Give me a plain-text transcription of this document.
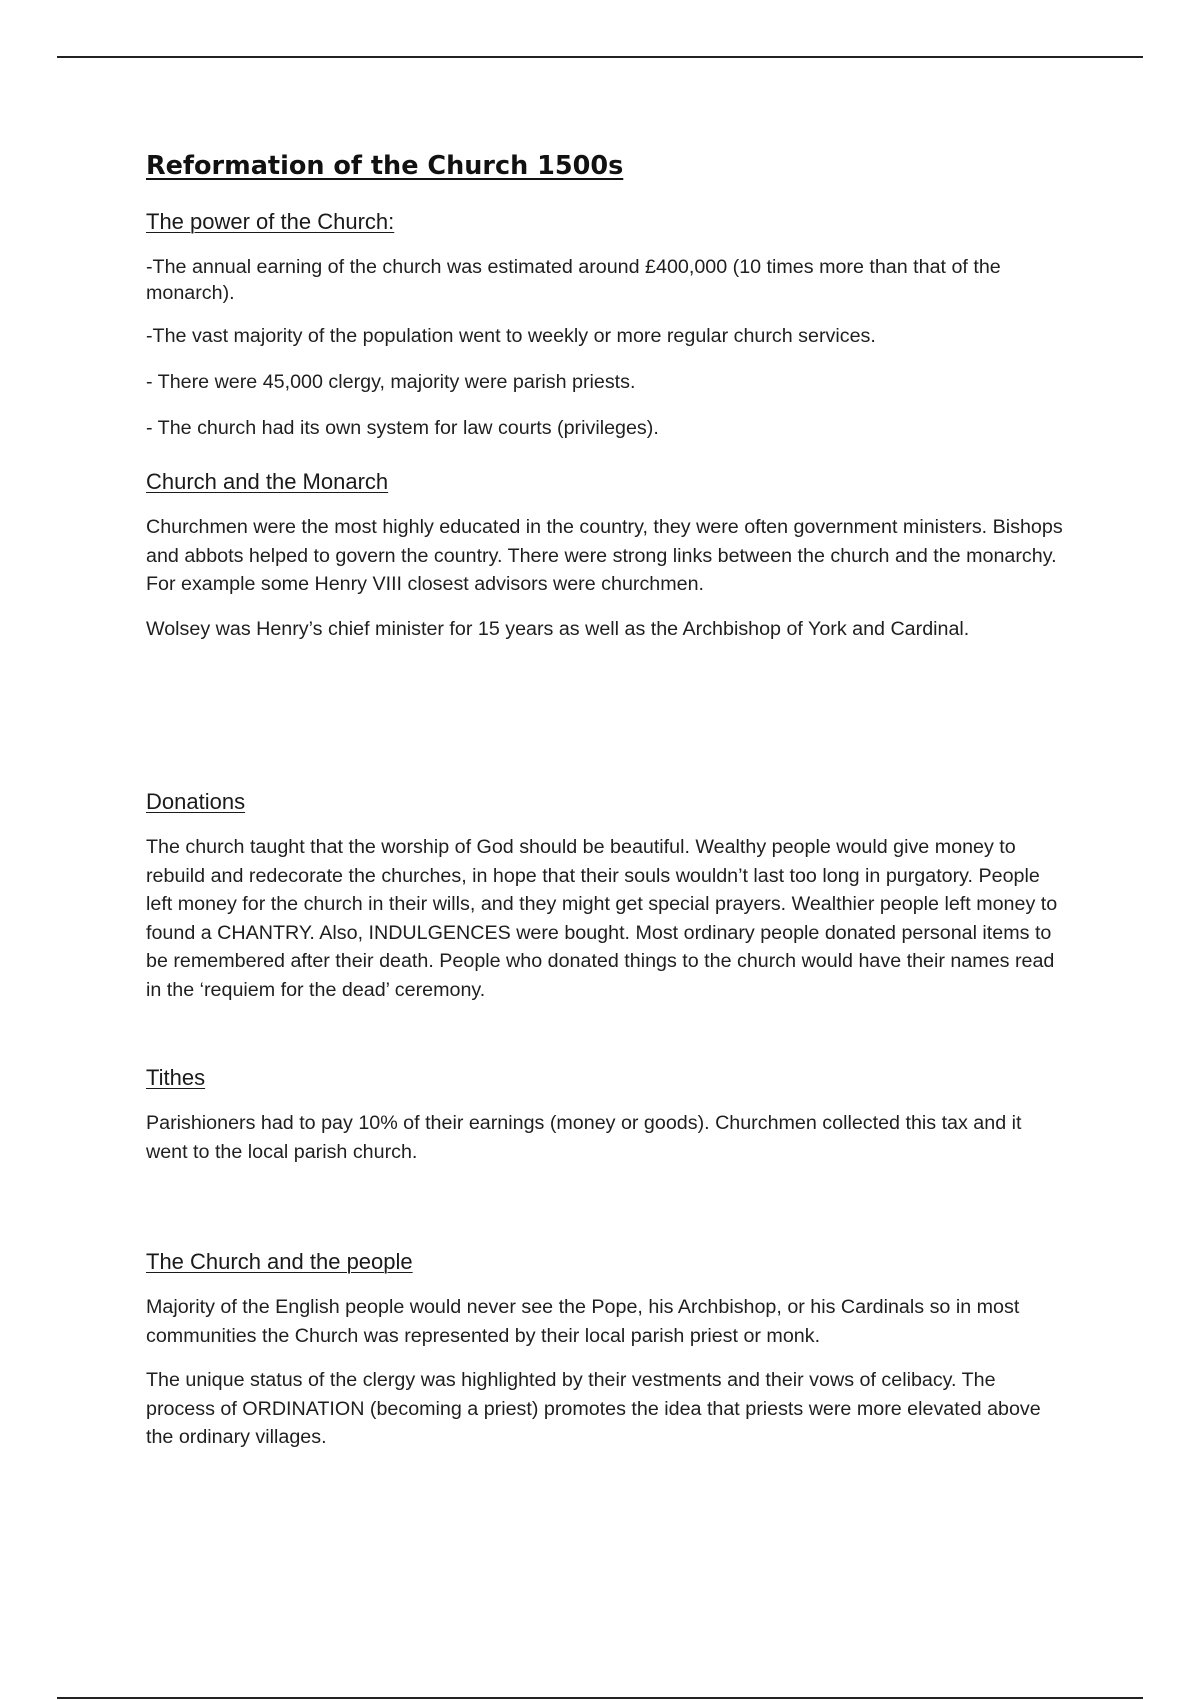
Reformation of the Church 1500s
The power of the Church:

-The annual earning of the church was estimated around £400,000 (10 times more than that of the monarch).

-The vast majority of the population went to weekly or more regular church services.

- There were 45,000 clergy, majority were parish priests.

- The church had its own system for law courts (privileges).

Church and the Monarch

Churchmen were the most highly educated in the country, they were often government ministers. Bishops and abbots helped to govern the country. There were strong links between the church and the monarchy. For example some Henry VIII closest advisors were churchmen.

Wolsey was Henry’s chief minister for 15 years as well as the Archbishop of York and Cardinal.

Donations

The church taught that the worship of God should be beautiful. Wealthy people would give money to rebuild and redecorate the churches, in hope that their souls wouldn’t last too long in purgatory. People left money for the church in their wills, and they might get special prayers. Wealthier people left money to found a CHANTRY. Also, INDULGENCES were bought. Most ordinary people donated personal items to be remembered after their death. People who donated things to the church would have their names read in the ‘requiem for the dead’ ceremony.

Tithes

Parishioners had to pay 10% of their earnings (money or goods). Churchmen collected this tax and it went to the local parish church.

The Church and the people

Majority of the English people would never see the Pope, his Archbishop, or his Cardinals so in most communities the Church was represented by their local parish priest or monk.

The unique status of the clergy was highlighted by their vestments and their vows of celibacy. The process of ORDINATION (becoming a priest) promotes the idea that priests were more elevated above the ordinary villages.
